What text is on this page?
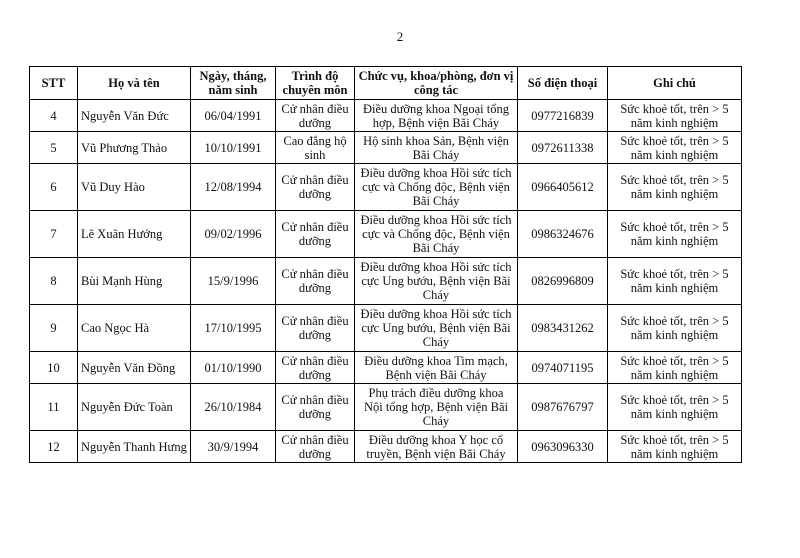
2
STT	Họ và tên	Ngày, tháng, năm sinh	Trình độ chuyên môn	Chức vụ, khoa/phòng, đơn vị công tác	Số điện thoại	Ghi chú
4	Nguyễn Văn Đức	06/04/1991	Cử nhân điều dưỡng	Điều dưỡng khoa Ngoại tổng hợp, Bệnh viện Bãi Cháy	0977216839	Sức khoẻ tốt, trên > 5 năm kinh nghiệm
5	Vũ Phương Thảo	10/10/1991	Cao đẳng hộ sinh	Hộ sinh khoa Sản, Bệnh viện Bãi Cháy	0972611338	Sức khoẻ tốt, trên > 5 năm kinh nghiệm
6	Vũ Duy Hào	12/08/1994	Cử nhân điều dưỡng	Điều dưỡng khoa Hồi sức tích cực và Chống độc, Bệnh viện Bãi Cháy	0966405612	Sức khoẻ tốt, trên > 5 năm kinh nghiệm
7	Lê Xuân Hướng	09/02/1996	Cử nhân điều dưỡng	Điều dưỡng khoa Hồi sức tích cực và Chống độc, Bệnh viện Bãi Cháy	0986324676	Sức khoẻ tốt, trên > 5 năm kinh nghiệm
8	Bùi Mạnh Hùng	15/9/1996	Cử nhân điều dưỡng	Điều dưỡng khoa Hồi sức tích cực Ung bướu, Bệnh viện Bãi Cháy	0826996809	Sức khoẻ tốt, trên > 5 năm kinh nghiệm
9	Cao Ngọc Hà	17/10/1995	Cử nhân điều dưỡng	Điều dưỡng khoa Hồi sức tích cực Ung bướu, Bệnh viện Bãi Cháy	0983431262	Sức khoẻ tốt, trên > 5 năm kinh nghiệm
10	Nguyễn Văn Đồng	01/10/1990	Cử nhân điều dưỡng	Điều dưỡng khoa Tim mạch, Bệnh viện Bãi Cháy	0974071195	Sức khoẻ tốt, trên > 5 năm kinh nghiệm
11	Nguyễn Đức Toàn	26/10/1984	Cử nhân điều dưỡng	Phụ trách điều dưỡng khoa Nội tổng hợp, Bệnh viện Bãi Cháy	0987676797	Sức khoẻ tốt, trên > 5 năm kinh nghiệm
12	Nguyễn Thanh Hưng	30/9/1994	Cử nhân điều dưỡng	Điều dưỡng khoa Y học cổ truyền, Bệnh viện Bãi Cháy	0963096330	Sức khoẻ tốt, trên > 5 năm kinh nghiệm
